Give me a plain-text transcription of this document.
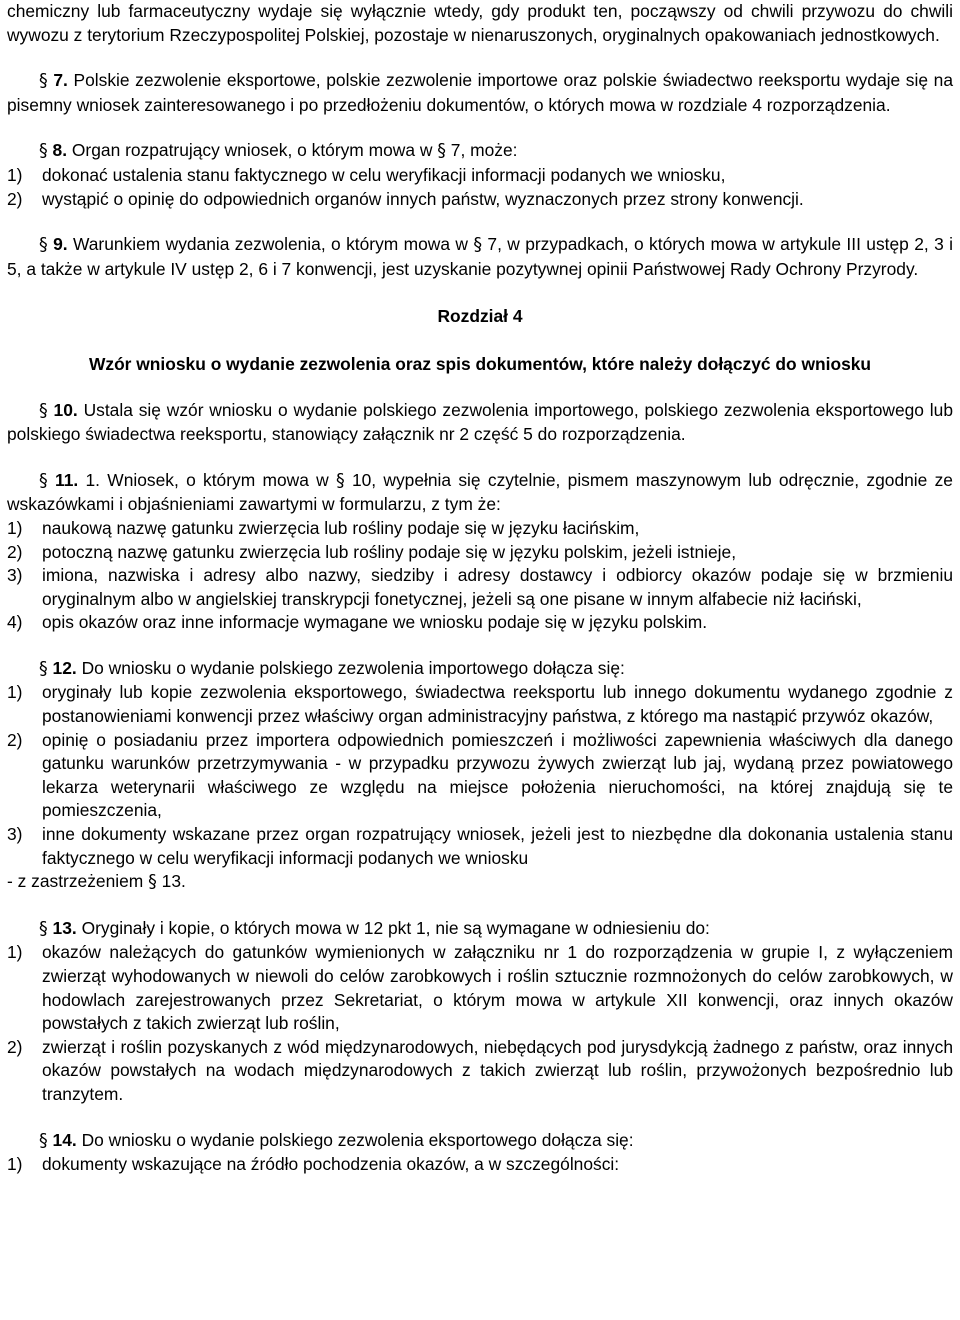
chemiczny lub farmaceutyczny wydaje się wyłącznie wtedy, gdy produkt ten, począwszy od chwili przywozu do chwili wywozu z terytorium Rzeczypospolitej Polskiej, pozostaje w nienaruszonych, oryginalnych opakowaniach jednostkowych.

§ 7. Polskie zezwolenie eksportowe, polskie zezwolenie importowe oraz polskie świadectwo reeksportu wydaje się na pisemny wniosek zainteresowanego i po przedłożeniu dokumentów, o których mowa w rozdziale 4 rozporządzenia.

§ 8. Organ rozpatrujący wniosek, o którym mowa w § 7, może:

1) dokonać ustalenia stanu faktycznego w celu weryfikacji informacji podanych we wniosku,
2) wystąpić o opinię do odpowiednich organów innych państw, wyznaczonych przez strony konwencji.

§ 9. Warunkiem wydania zezwolenia, o którym mowa w § 7, w przypadkach, o których mowa w artykule III ustęp 2, 3 i 5, a także w artykule IV ustęp 2, 6 i 7 konwencji, jest uzyskanie pozytywnej opinii Państwowej Rady Ochrony Przyrody.

Rozdział 4
Wzór wniosku o wydanie zezwolenia oraz spis dokumentów, które należy dołączyć do wniosku

§ 10. Ustala się wzór wniosku o wydanie polskiego zezwolenia importowego, polskiego zezwolenia eksportowego lub polskiego świadectwa reeksportu, stanowiący załącznik nr 2 część 5 do rozporządzenia.

§ 11. 1. Wniosek, o którym mowa w § 10, wypełnia się czytelnie, pismem maszynowym lub odręcznie, zgodnie ze wskazówkami i objaśnieniami zawartymi w formularzu, z tym że:

1) naukową nazwę gatunku zwierzęcia lub rośliny podaje się w języku łacińskim,
2) potoczną nazwę gatunku zwierzęcia lub rośliny podaje się w języku polskim, jeżeli istnieje,
3) imiona, nazwiska i adresy albo nazwy, siedziby i adresy dostawcy i odbiorcy okazów podaje się w brzmieniu oryginalnym albo w angielskiej transkrypcji fonetycznej, jeżeli są one pisane w innym alfabecie niż łaciński,
4) opis okazów oraz inne informacje wymagane we wniosku podaje się w języku polskim.

§ 12. Do wniosku o wydanie polskiego zezwolenia importowego dołącza się:

1) oryginały lub kopie zezwolenia eksportowego, świadectwa reeksportu lub innego dokumentu wydanego zgodnie z postanowieniami konwencji przez właściwy organ administracyjny państwa, z którego ma nastąpić przywóz okazów,
2) opinię o posiadaniu przez importera odpowiednich pomieszczeń i możliwości zapewnienia właściwych dla danego gatunku warunków przetrzymywania - w przypadku przywozu żywych zwierząt lub jaj, wydaną przez powiatowego lekarza weterynarii właściwego ze względu na miejsce położenia nieruchomości, na której znajdują się te pomieszczenia,
3) inne dokumenty wskazane przez organ rozpatrujący wniosek, jeżeli jest to niezbędne dla dokonania ustalenia stanu faktycznego w celu weryfikacji informacji podanych we wniosku

- z zastrzeżeniem § 13.

§ 13. Oryginały i kopie, o których mowa w 12 pkt 1, nie są wymagane w odniesieniu do:

1) okazów należących do gatunków wymienionych w załączniku nr 1 do rozporządzenia w grupie I, z wyłączeniem zwierząt wyhodowanych w niewoli do celów zarobkowych i roślin sztucznie rozmnożonych do celów zarobkowych, w hodowlach zarejestrowanych przez Sekretariat, o którym mowa w artykule XII konwencji, oraz innych okazów powstałych z takich zwierząt lub roślin,
2) zwierząt i roślin pozyskanych z wód międzynarodowych, niebędących pod jurysdykcją żadnego z państw, oraz innych okazów powstałych na wodach międzynarodowych z takich zwierząt lub roślin, przywożonych bezpośrednio lub tranzytem.

§ 14. Do wniosku o wydanie polskiego zezwolenia eksportowego dołącza się:

1) dokumenty wskazujące na źródło pochodzenia okazów, a w szczególności:
